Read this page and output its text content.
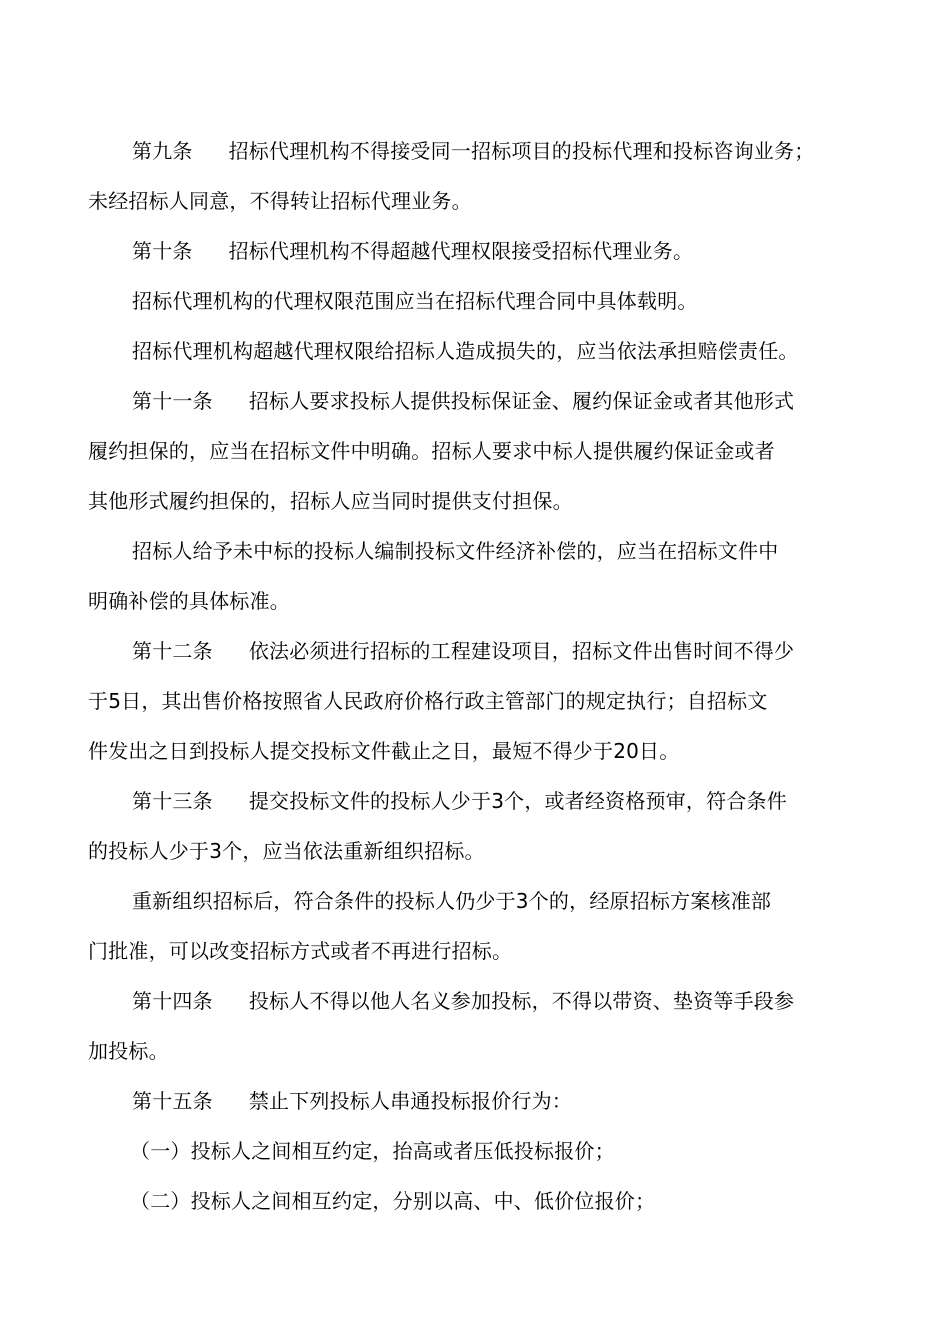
第九条 招标代理机构不得接受同一招标项目的投标代理和投标咨询业务；
未经招标人同意，不得转让招标代理业务。
第十条 招标代理机构不得超越代理权限接受招标代理业务。
招标代理机构的代理权限范围应当在招标代理合同中具体载明。
招标代理机构超越代理权限给招标人造成损失的，应当依法承担赔偿责任。
第十一条 招标人要求投标人提供投标保证金、履约保证金或者其他形式
履约担保的，应当在招标文件中明确。招标人要求中标人提供履约保证金或者
其他形式履约担保的，招标人应当同时提供支付担保。
招标人给予未中标的投标人编制投标文件经济补偿的，应当在招标文件中
明确补偿的具体标准。
第十二条 依法必须进行招标的工程建设项目，招标文件出售时间不得少
于5日，其出售价格按照省人民政府价格行政主管部门的规定执行；自招标文
件发出之日到投标人提交投标文件截止之日，最短不得少于20日。
第十三条 提交投标文件的投标人少于3个，或者经资格预审，符合条件
的投标人少于3个，应当依法重新组织招标。
重新组织招标后，符合条件的投标人仍少于3个的，经原招标方案核准部
门批准，可以改变招标方式或者不再进行招标。
第十四条 投标人不得以他人名义参加投标，不得以带资、垫资等手段参
加投标。
第十五条 禁止下列投标人串通投标报价行为：
（一）投标人之间相互约定，抬高或者压低投标报价；
（二）投标人之间相互约定，分别以高、中、低价位报价；
